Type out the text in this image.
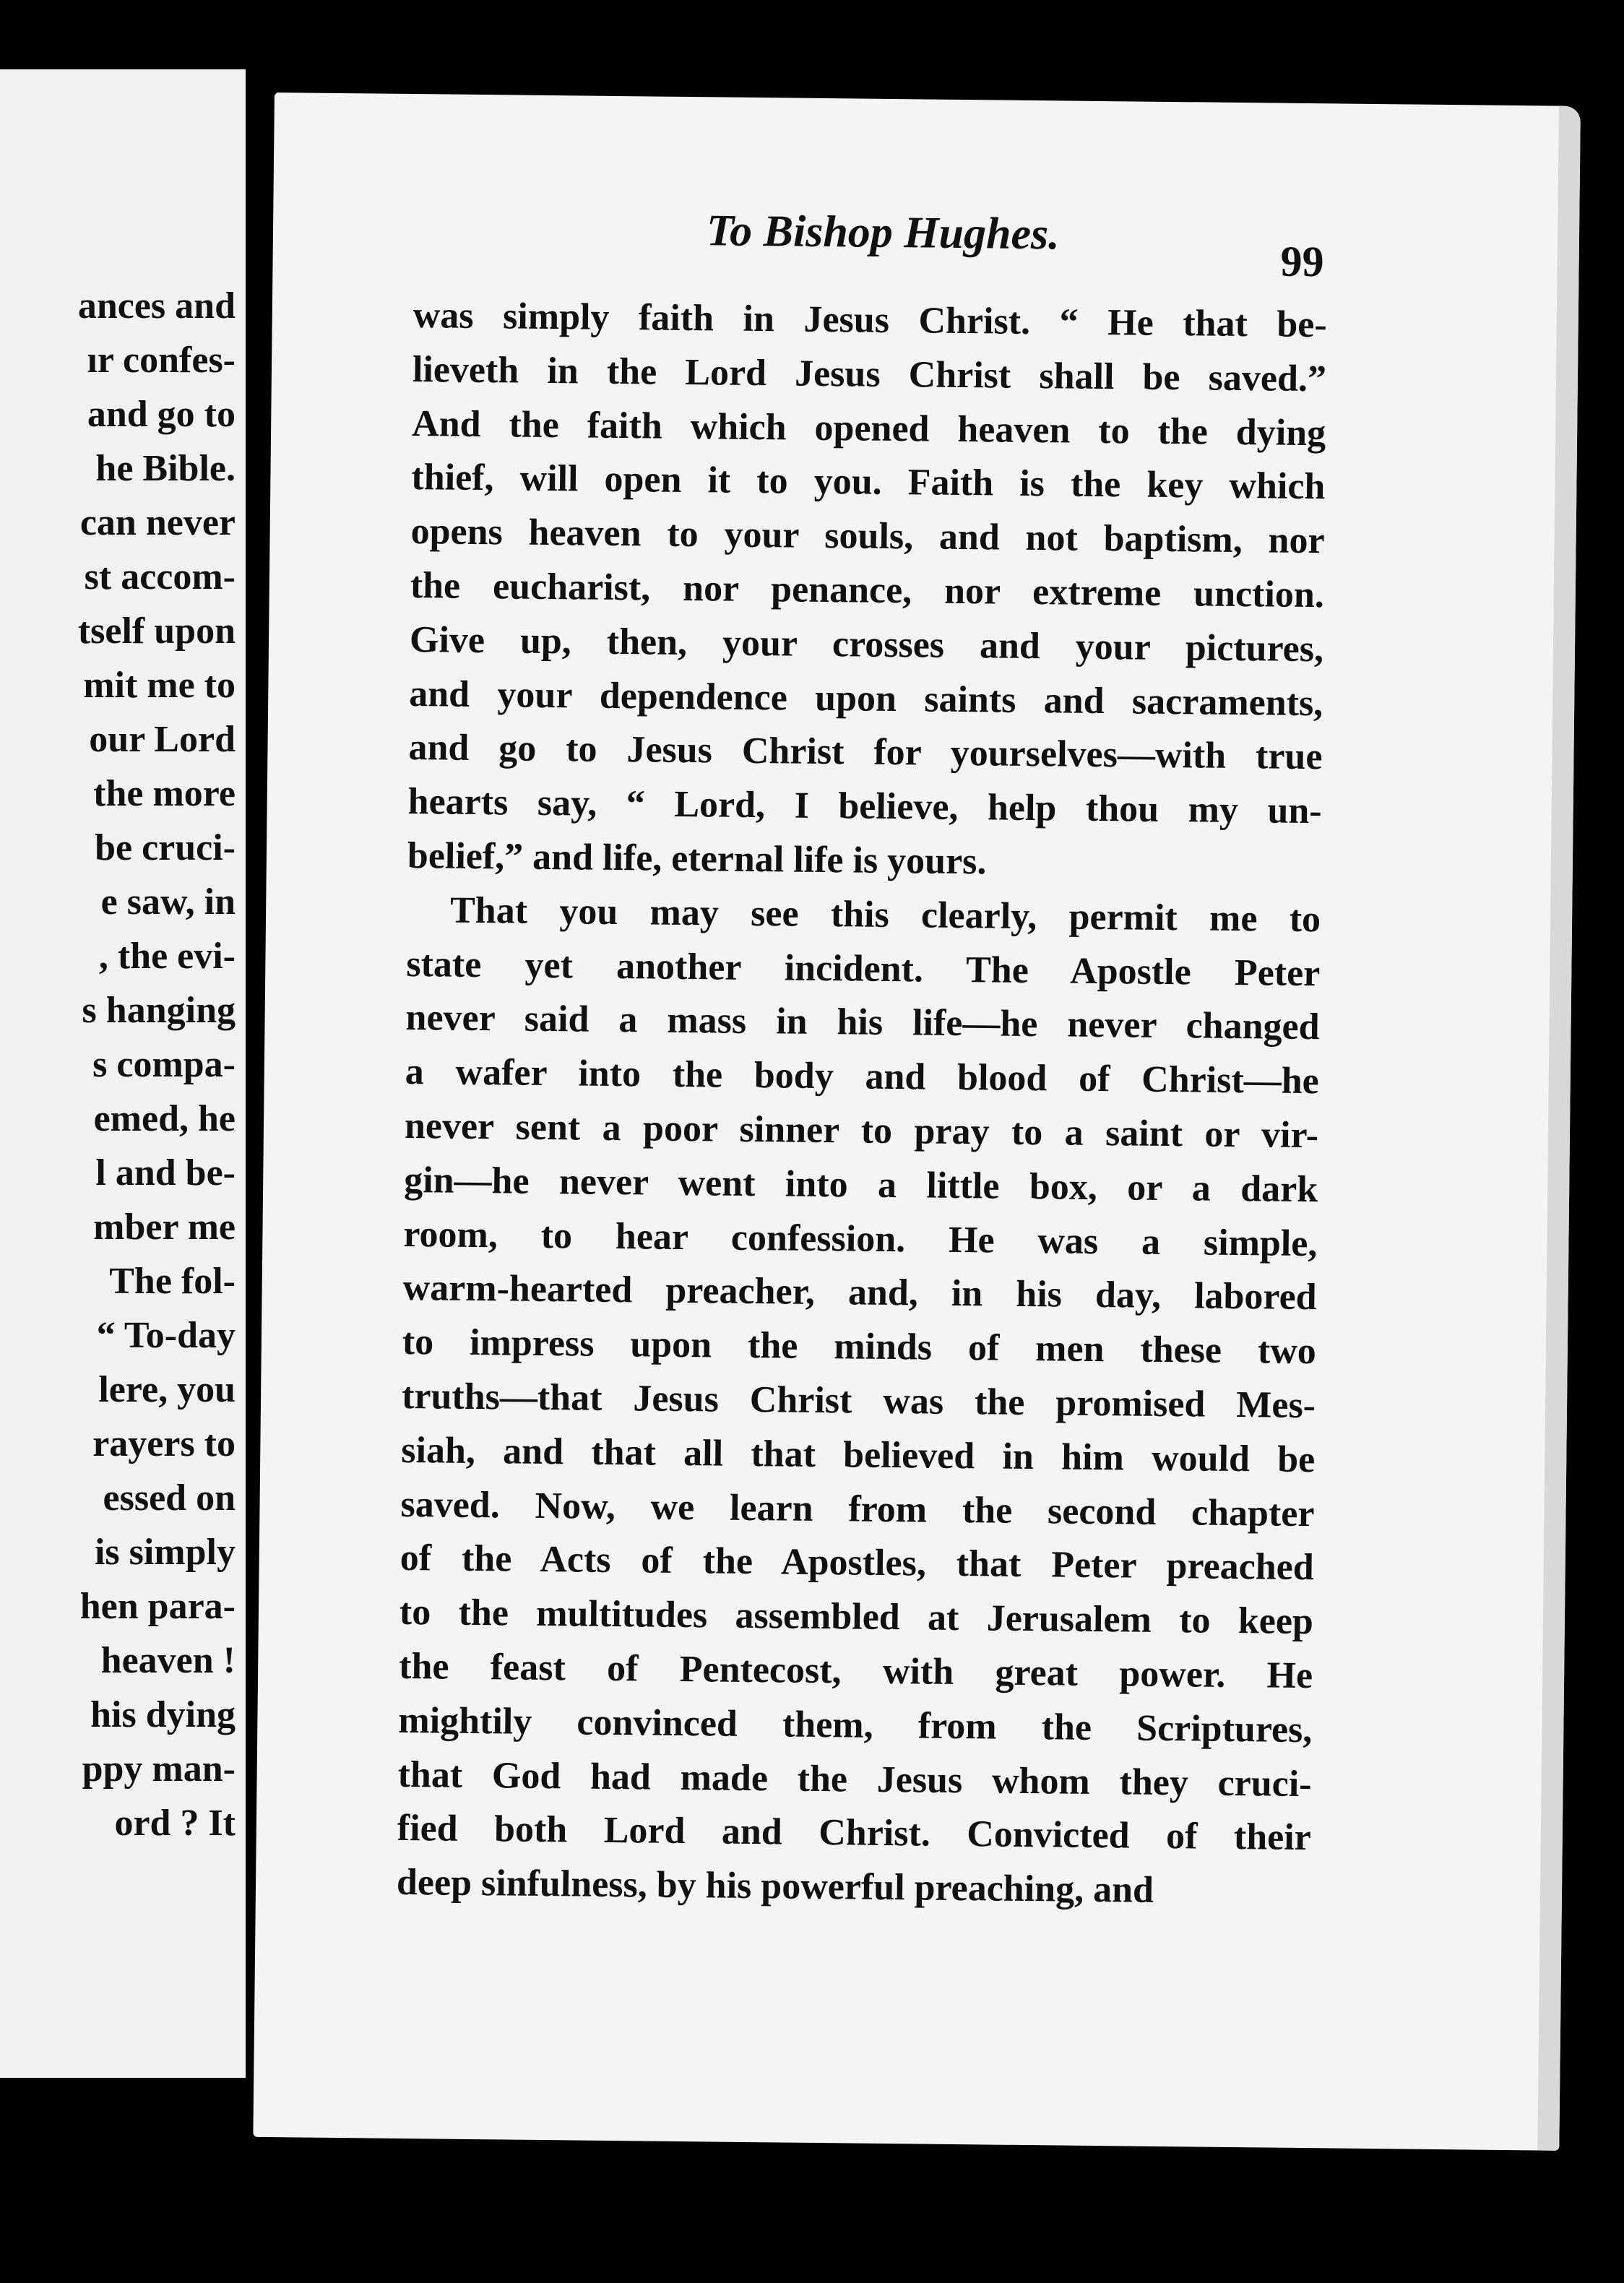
ances and
ır confes-
and go to
he Bible.
can never
st accom-
tself upon
mit me to
our Lord
the more
be cruci-
e saw, in
, the evi-
s hanging
s compa-
emed, he
l and be-
mber me
The fol-
“ To-day
lere, you
rayers to
essed on
is simply
hen para-
heaven !
his dying
ppy man-
ord ? It
To Bishop Hughes.
99
was simply faith in Jesus Christ. “ He that be-
lieveth in the Lord Jesus Christ shall be saved.”
And the faith which opened heaven to the dying
thief, will open it to you. Faith is the key which
opens heaven to your souls, and not baptism, nor
the eucharist, nor penance, nor extreme unction.
Give up, then, your crosses and your pictures,
and your dependence upon saints and sacraments,
and go to Jesus Christ for yourselves—with true
hearts say, “ Lord, I believe, help thou my un-
belief,” and life, eternal life is yours.
That you may see this clearly, permit me to
state yet another incident. The Apostle Peter
never said a mass in his life—he never changed
a wafer into the body and blood of Christ—he
never sent a poor sinner to pray to a saint or vir-
gin—he never went into a little box, or a dark
room, to hear confession. He was a simple,
warm-hearted preacher, and, in his day, labored
to impress upon the minds of men these two
truths—that Jesus Christ was the promised Mes-
siah, and that all that believed in him would be
saved. Now, we learn from the second chapter
of the Acts of the Apostles, that Peter preached
to the multitudes assembled at Jerusalem to keep
the feast of Pentecost, with great power. He
mightily convinced them, from the Scriptures,
that God had made the Jesus whom they cruci-
fied both Lord and Christ. Convicted of their
deep sinfulness, by his powerful preaching, and
